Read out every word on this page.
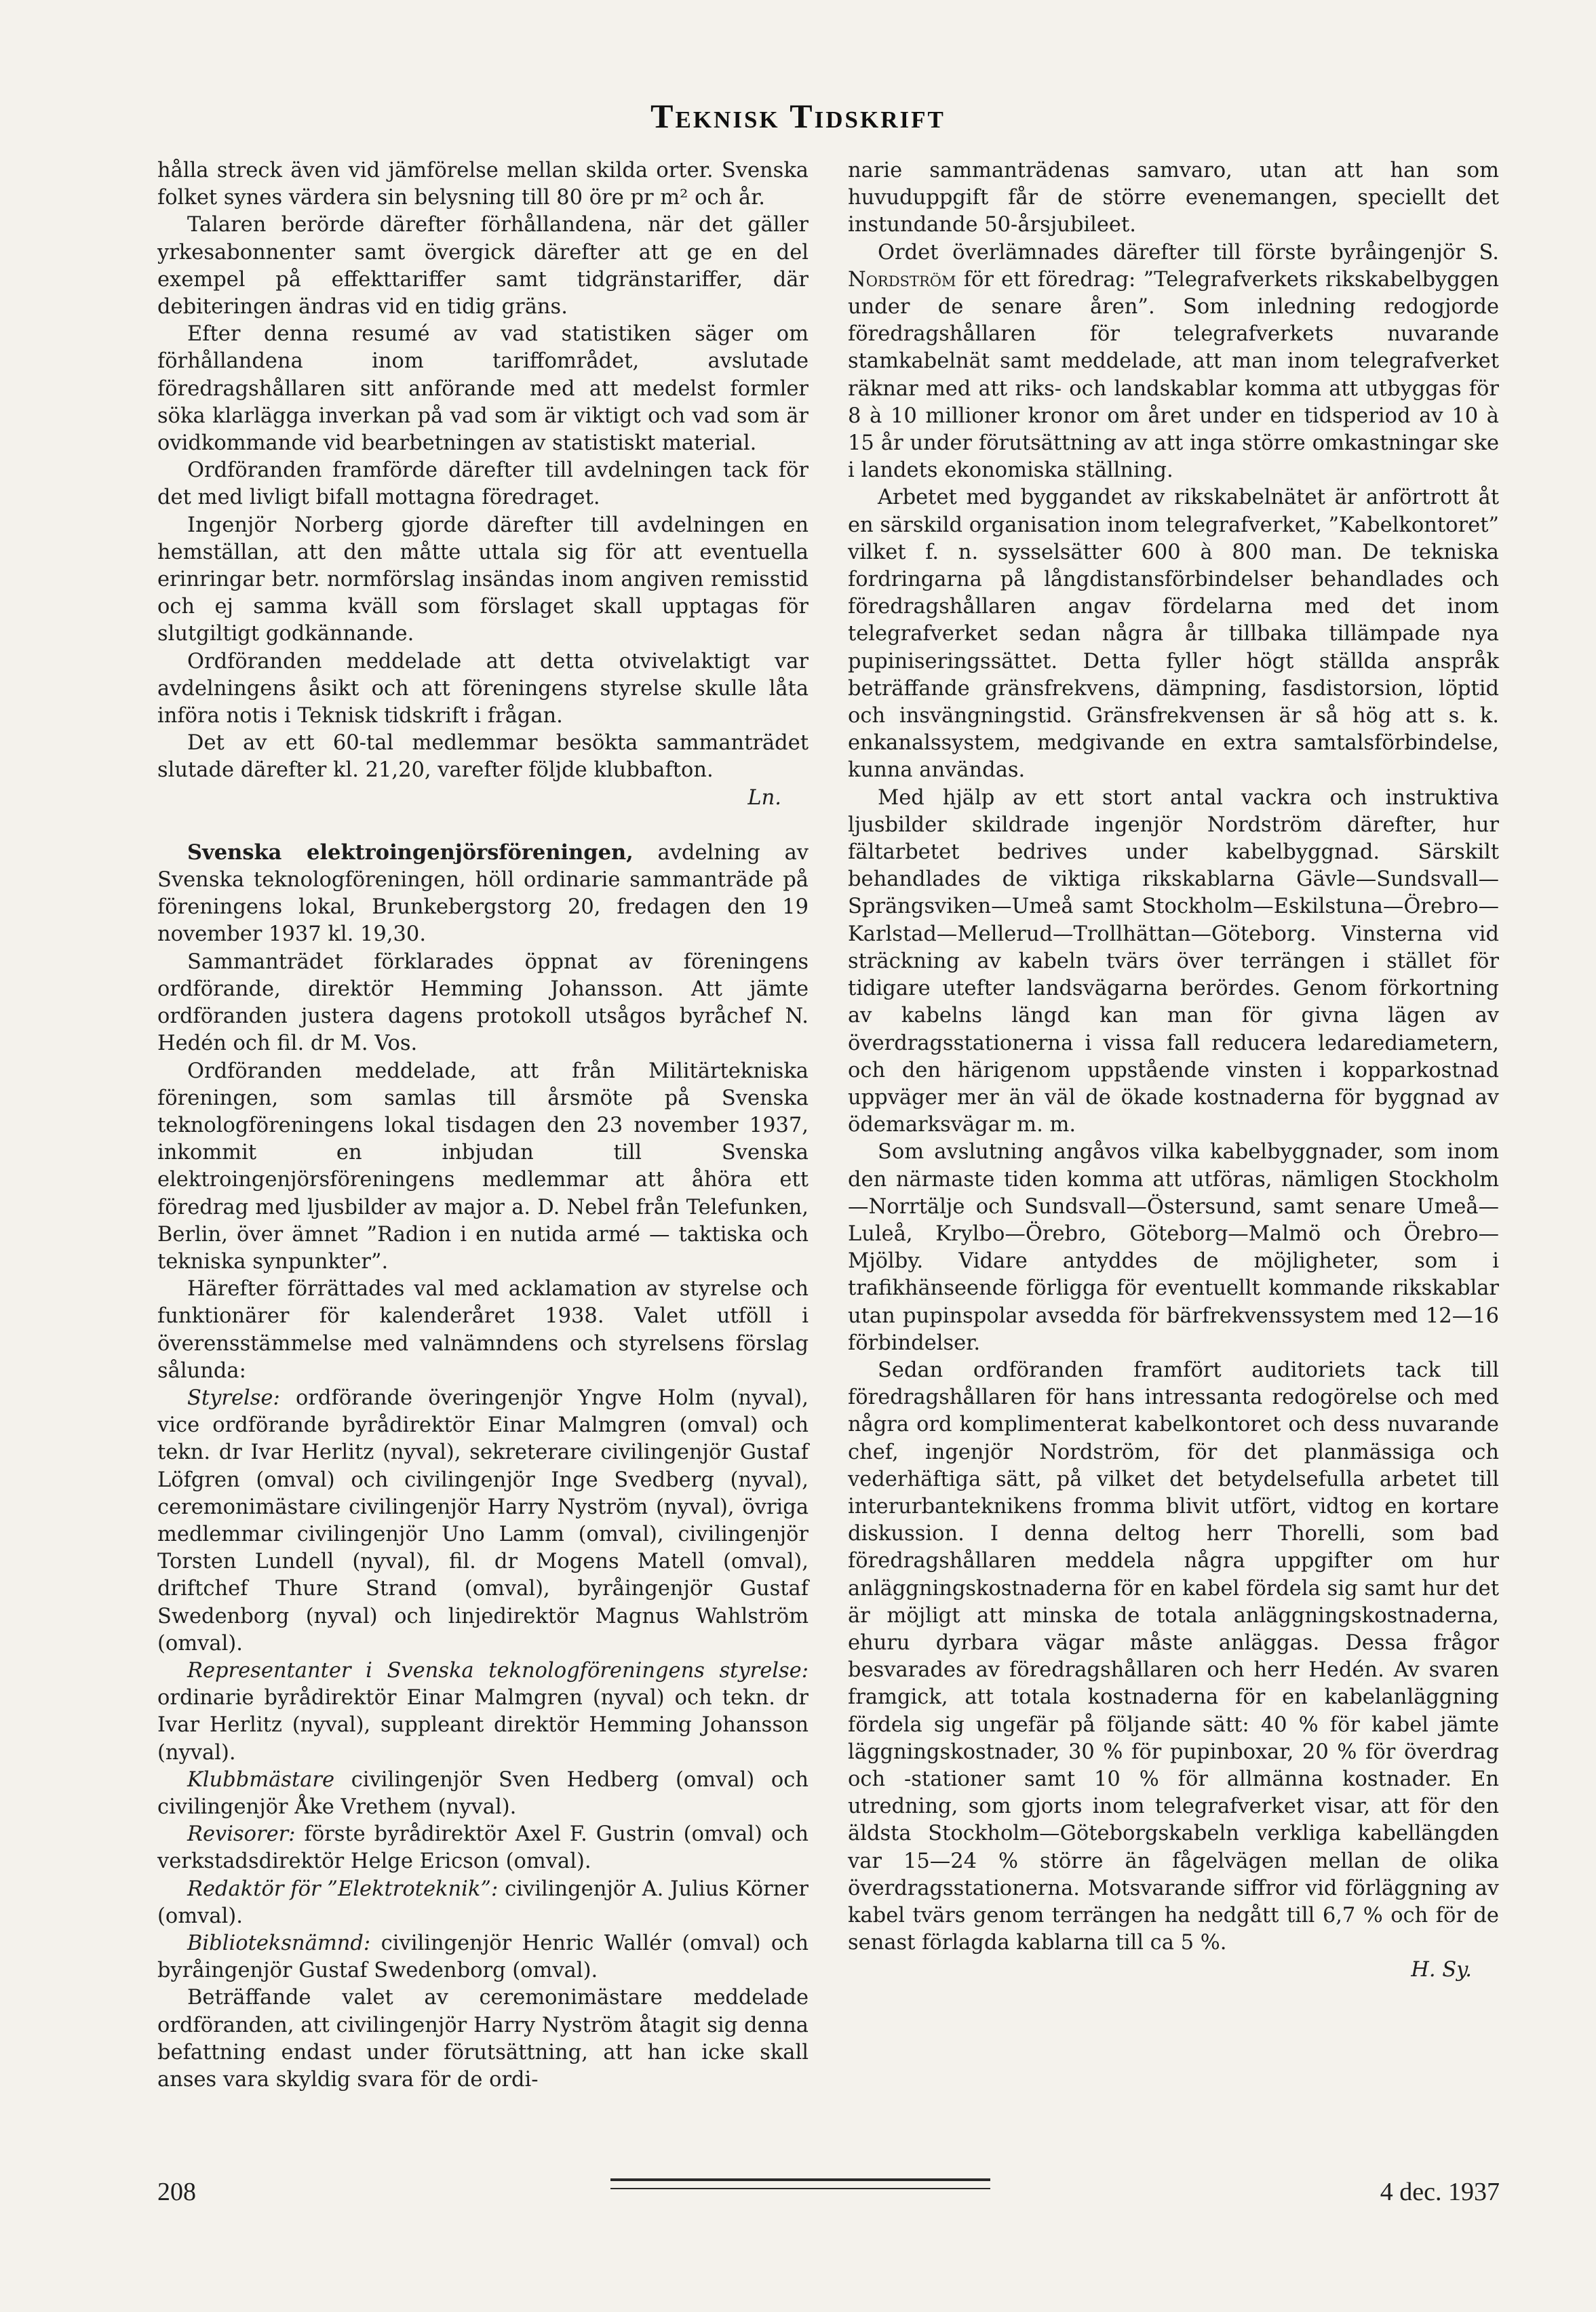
Teknisk Tidskrift

hålla streck även vid jämförelse mellan skilda orter. Svenska folket synes värdera sin belysning till 80 öre pr m² och år.

Talaren berörde därefter förhållandena, när det gäller yrkesabonnenter samt övergick därefter att ge en del exempel på effekttariffer samt tidgränstariffer, där debiteringen ändras vid en tidig gräns.

Efter denna resumé av vad statistiken säger om förhållandena inom tariffområdet, avslutade föredragshållaren sitt anförande med att medelst formler söka klarlägga inverkan på vad som är viktigt och vad som är ovidkommande vid bearbetningen av statistiskt material.

Ordföranden framförde därefter till avdelningen tack för det med livligt bifall mottagna föredraget.

Ingenjör Norberg gjorde därefter till avdelningen en hemställan, att den måtte uttala sig för att eventuella erinringar betr. normförslag insändas inom angiven remisstid och ej samma kväll som förslaget skall upptagas för slutgiltigt godkännande.

Ordföranden meddelade att detta otvivelaktigt var avdelningens åsikt och att föreningens styrelse skulle låta införa notis i Teknisk tidskrift i frågan.

Det av ett 60-tal medlemmar besökta sammanträdet slutade därefter kl. 21,20, varefter följde klubbafton.

Ln.

Svenska elektroingenjörsföreningen, avdelning av Svenska teknologföreningen, höll ordinarie sammanträde på föreningens lokal, Brunkebergstorg 20, fredagen den 19 november 1937 kl. 19,30.

Sammanträdet förklarades öppnat av föreningens ordförande, direktör Hemming Johansson. Att jämte ordföranden justera dagens protokoll utsågos byråchef N. Hedén och fil. dr M. Vos.

Ordföranden meddelade, att från Militärtekniska föreningen, som samlas till årsmöte på Svenska teknologföreningens lokal tisdagen den 23 november 1937, inkommit en inbjudan till Svenska elektroingenjörsföreningens medlemmar att åhöra ett föredrag med ljusbilder av major a. D. Nebel från Telefunken, Berlin, över ämnet ”Radion i en nutida armé — taktiska och tekniska synpunkter”.

Härefter förrättades val med acklamation av styrelse och funktionärer för kalenderåret 1938. Valet utföll i överensstämmelse med valnämndens och styrelsens förslag sålunda:

Styrelse: ordförande överingenjör Yngve Holm (nyval), vice ordförande byrådirektör Einar Malmgren (omval) och tekn. dr Ivar Herlitz (nyval), sekreterare civilingenjör Gustaf Löfgren (omval) och civilingenjör Inge Svedberg (nyval), ceremonimästare civilingenjör Harry Nyström (nyval), övriga medlemmar civilingenjör Uno Lamm (omval), civilingenjör Torsten Lundell (nyval), fil. dr Mogens Matell (omval), driftchef Thure Strand (omval), byråingenjör Gustaf Swedenborg (nyval) och linjedirektör Magnus Wahlström (omval).

Representanter i Svenska teknologföreningens styrelse: ordinarie byrådirektör Einar Malmgren (nyval) och tekn. dr Ivar Herlitz (nyval), suppleant direktör Hemming Johansson (nyval).

Klubbmästare civilingenjör Sven Hedberg (omval) och civilingenjör Åke Vrethem (nyval).

Revisorer: förste byrådirektör Axel F. Gustrin (omval) och verkstadsdirektör Helge Ericson (omval).

Redaktör för ”Elektroteknik”: civilingenjör A. Julius Körner (omval).

Biblioteksnämnd: civilingenjör Henric Wallér (omval) och byråingenjör Gustaf Swedenborg (omval).

Beträffande valet av ceremonimästare meddelade ordföranden, att civilingenjör Harry Nyström åtagit sig denna befattning endast under förutsättning, att han icke skall anses vara skyldig svara för de ordi-

narie sammanträdenas samvaro, utan att han som huvuduppgift får de större evenemangen, speciellt det instundande 50-årsjubileet.

Ordet överlämnades därefter till förste byråingenjör S. Nordström för ett föredrag: ”Telegrafverkets rikskabelbyggen under de senare åren”. Som inledning redogjorde föredragshållaren för telegrafverkets nuvarande stamkabelnät samt meddelade, att man inom telegrafverket räknar med att riks- och landskablar komma att utbyggas för 8 à 10 millioner kronor om året under en tidsperiod av 10 à 15 år under förutsättning av att inga större omkastningar ske i landets ekonomiska ställning.

Arbetet med byggandet av rikskabelnätet är anförtrott åt en särskild organisation inom telegrafverket, ”Kabelkontoret” vilket f. n. sysselsätter 600 à 800 man. De tekniska fordringarna på långdistansförbindelser behandlades och föredragshållaren angav fördelarna med det inom telegrafverket sedan några år tillbaka tillämpade nya pupiniseringssättet. Detta fyller högt ställda anspråk beträffande gränsfrekvens, dämpning, fasdistorsion, löptid och insvängningstid. Gränsfrekvensen är så hög att s. k. enkanalssystem, medgivande en extra samtalsförbindelse, kunna användas.

Med hjälp av ett stort antal vackra och instruktiva ljusbilder skildrade ingenjör Nordström därefter, hur fältarbetet bedrives under kabelbyggnad. Särskilt behandlades de viktiga rikskablarna Gävle—Sundsvall—Sprängsviken—Umeå samt Stockholm—Eskilstuna—Örebro—Karlstad—Mellerud—Trollhättan—Göteborg. Vinsterna vid sträckning av kabeln tvärs över terrängen i stället för tidigare utefter landsvägarna berördes. Genom förkortning av kabelns längd kan man för givna lägen av överdragsstationerna i vissa fall reducera ledarediametern, och den härigenom uppstående vinsten i kopparkostnad uppväger mer än väl de ökade kostnaderna för byggnad av ödemarksvägar m. m.

Som avslutning angåvos vilka kabelbyggnader, som inom den närmaste tiden komma att utföras, nämligen Stockholm—Norrtälje och Sundsvall—Östersund, samt senare Umeå—Luleå, Krylbo—Örebro, Göteborg—Malmö och Örebro—Mjölby. Vidare antyddes de möjligheter, som i trafikhänseende förligga för eventuellt kommande rikskablar utan pupinspolar avsedda för bärfrekvenssystem med 12—16 förbindelser.

Sedan ordföranden framfört auditoriets tack till föredragshållaren för hans intressanta redogörelse och med några ord komplimenterat kabelkontoret och dess nuvarande chef, ingenjör Nordström, för det planmässiga och vederhäftiga sätt, på vilket det betydelsefulla arbetet till interurbanteknikens fromma blivit utfört, vidtog en kortare diskussion. I denna deltog herr Thorelli, som bad föredragshållaren meddela några uppgifter om hur anläggningskostnaderna för en kabel fördela sig samt hur det är möjligt att minska de totala anläggningskostnaderna, ehuru dyrbara vägar måste anläggas. Dessa frågor besvarades av föredragshållaren och herr Hedén. Av svaren framgick, att totala kostnaderna för en kabelanläggning fördela sig ungefär på följande sätt: 40 % för kabel jämte läggningskostnader, 30 % för pupinboxar, 20 % för överdrag och -stationer samt 10 % för allmänna kostnader. En utredning, som gjorts inom telegrafverket visar, att för den äldsta Stockholm—Göteborgskabeln verkliga kabellängden var 15—24 % större än fågelvägen mellan de olika överdragsstationerna. Motsvarande siffror vid förläggning av kabel tvärs genom terrängen ha nedgått till 6,7 % och för de senast förlagda kablarna till ca 5 %.

H. Sy.
208	4 dec. 1937
